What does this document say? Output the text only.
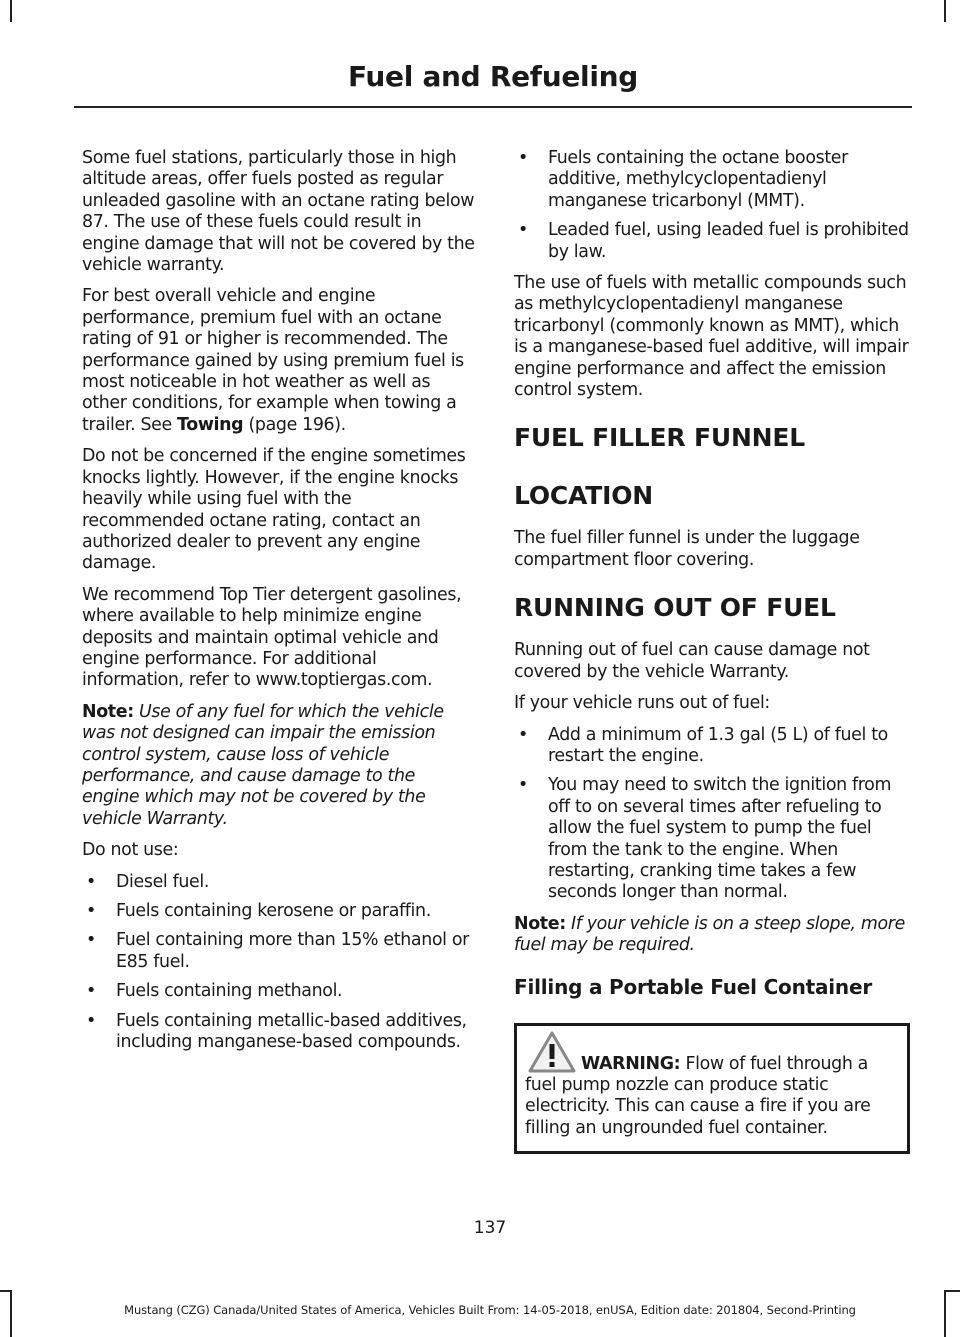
Fuel and Refueling

Some fuel stations, particularly those in high altitude areas, offer fuels posted as regular unleaded gasoline with an octane rating below 87. The use of these fuels could result in engine damage that will not be covered by the vehicle warranty.

For best overall vehicle and engine performance, premium fuel with an octane rating of 91 or higher is recommended. The performance gained by using premium fuel is most noticeable in hot weather as well as other conditions, for example when towing a trailer. See Towing (page 196).

Do not be concerned if the engine sometimes knocks lightly. However, if the engine knocks heavily while using fuel with the recommended octane rating, contact an authorized dealer to prevent any engine damage.

We recommend Top Tier detergent gasolines, where available to help minimize engine deposits and maintain optimal vehicle and engine performance. For additional information, refer to www.toptiergas.com.

Note: Use of any fuel for which the vehicle was not designed can impair the emission control system, cause loss of vehicle performance, and cause damage to the engine which may not be covered by the vehicle Warranty.

Do not use:

• Diesel fuel.
• Fuels containing kerosene or paraffin.
• Fuel containing more than 15% ethanol or E85 fuel.
• Fuels containing methanol.
• Fuels containing metallic-based additives, including manganese-based compounds.
• Fuels containing the octane booster additive, methylcyclopentadienyl manganese tricarbonyl (MMT).
• Leaded fuel, using leaded fuel is prohibited by law.

The use of fuels with metallic compounds such as methylcyclopentadienyl manganese tricarbonyl (commonly known as MMT), which is a manganese-based fuel additive, will impair engine performance and affect the emission control system.

FUEL FILLER FUNNEL

LOCATION

The fuel filler funnel is under the luggage compartment floor covering.

RUNNING OUT OF FUEL

Running out of fuel can cause damage not covered by the vehicle Warranty.

If your vehicle runs out of fuel:

• Add a minimum of 1.3 gal (5 L) of fuel to restart the engine.
• You may need to switch the ignition from off to on several times after refueling to allow the fuel system to pump the fuel from the tank to the engine. When restarting, cranking time takes a few seconds longer than normal.

Note: If your vehicle is on a steep slope, more fuel may be required.

Filling a Portable Fuel Container

WARNING: Flow of fuel through a fuel pump nozzle can produce static electricity. This can cause a fire if you are filling an ungrounded fuel container.

137
Mustang (CZG) Canada/United States of America, Vehicles Built From: 14-05-2018, enUSA, Edition date: 201804, Second-Printing
